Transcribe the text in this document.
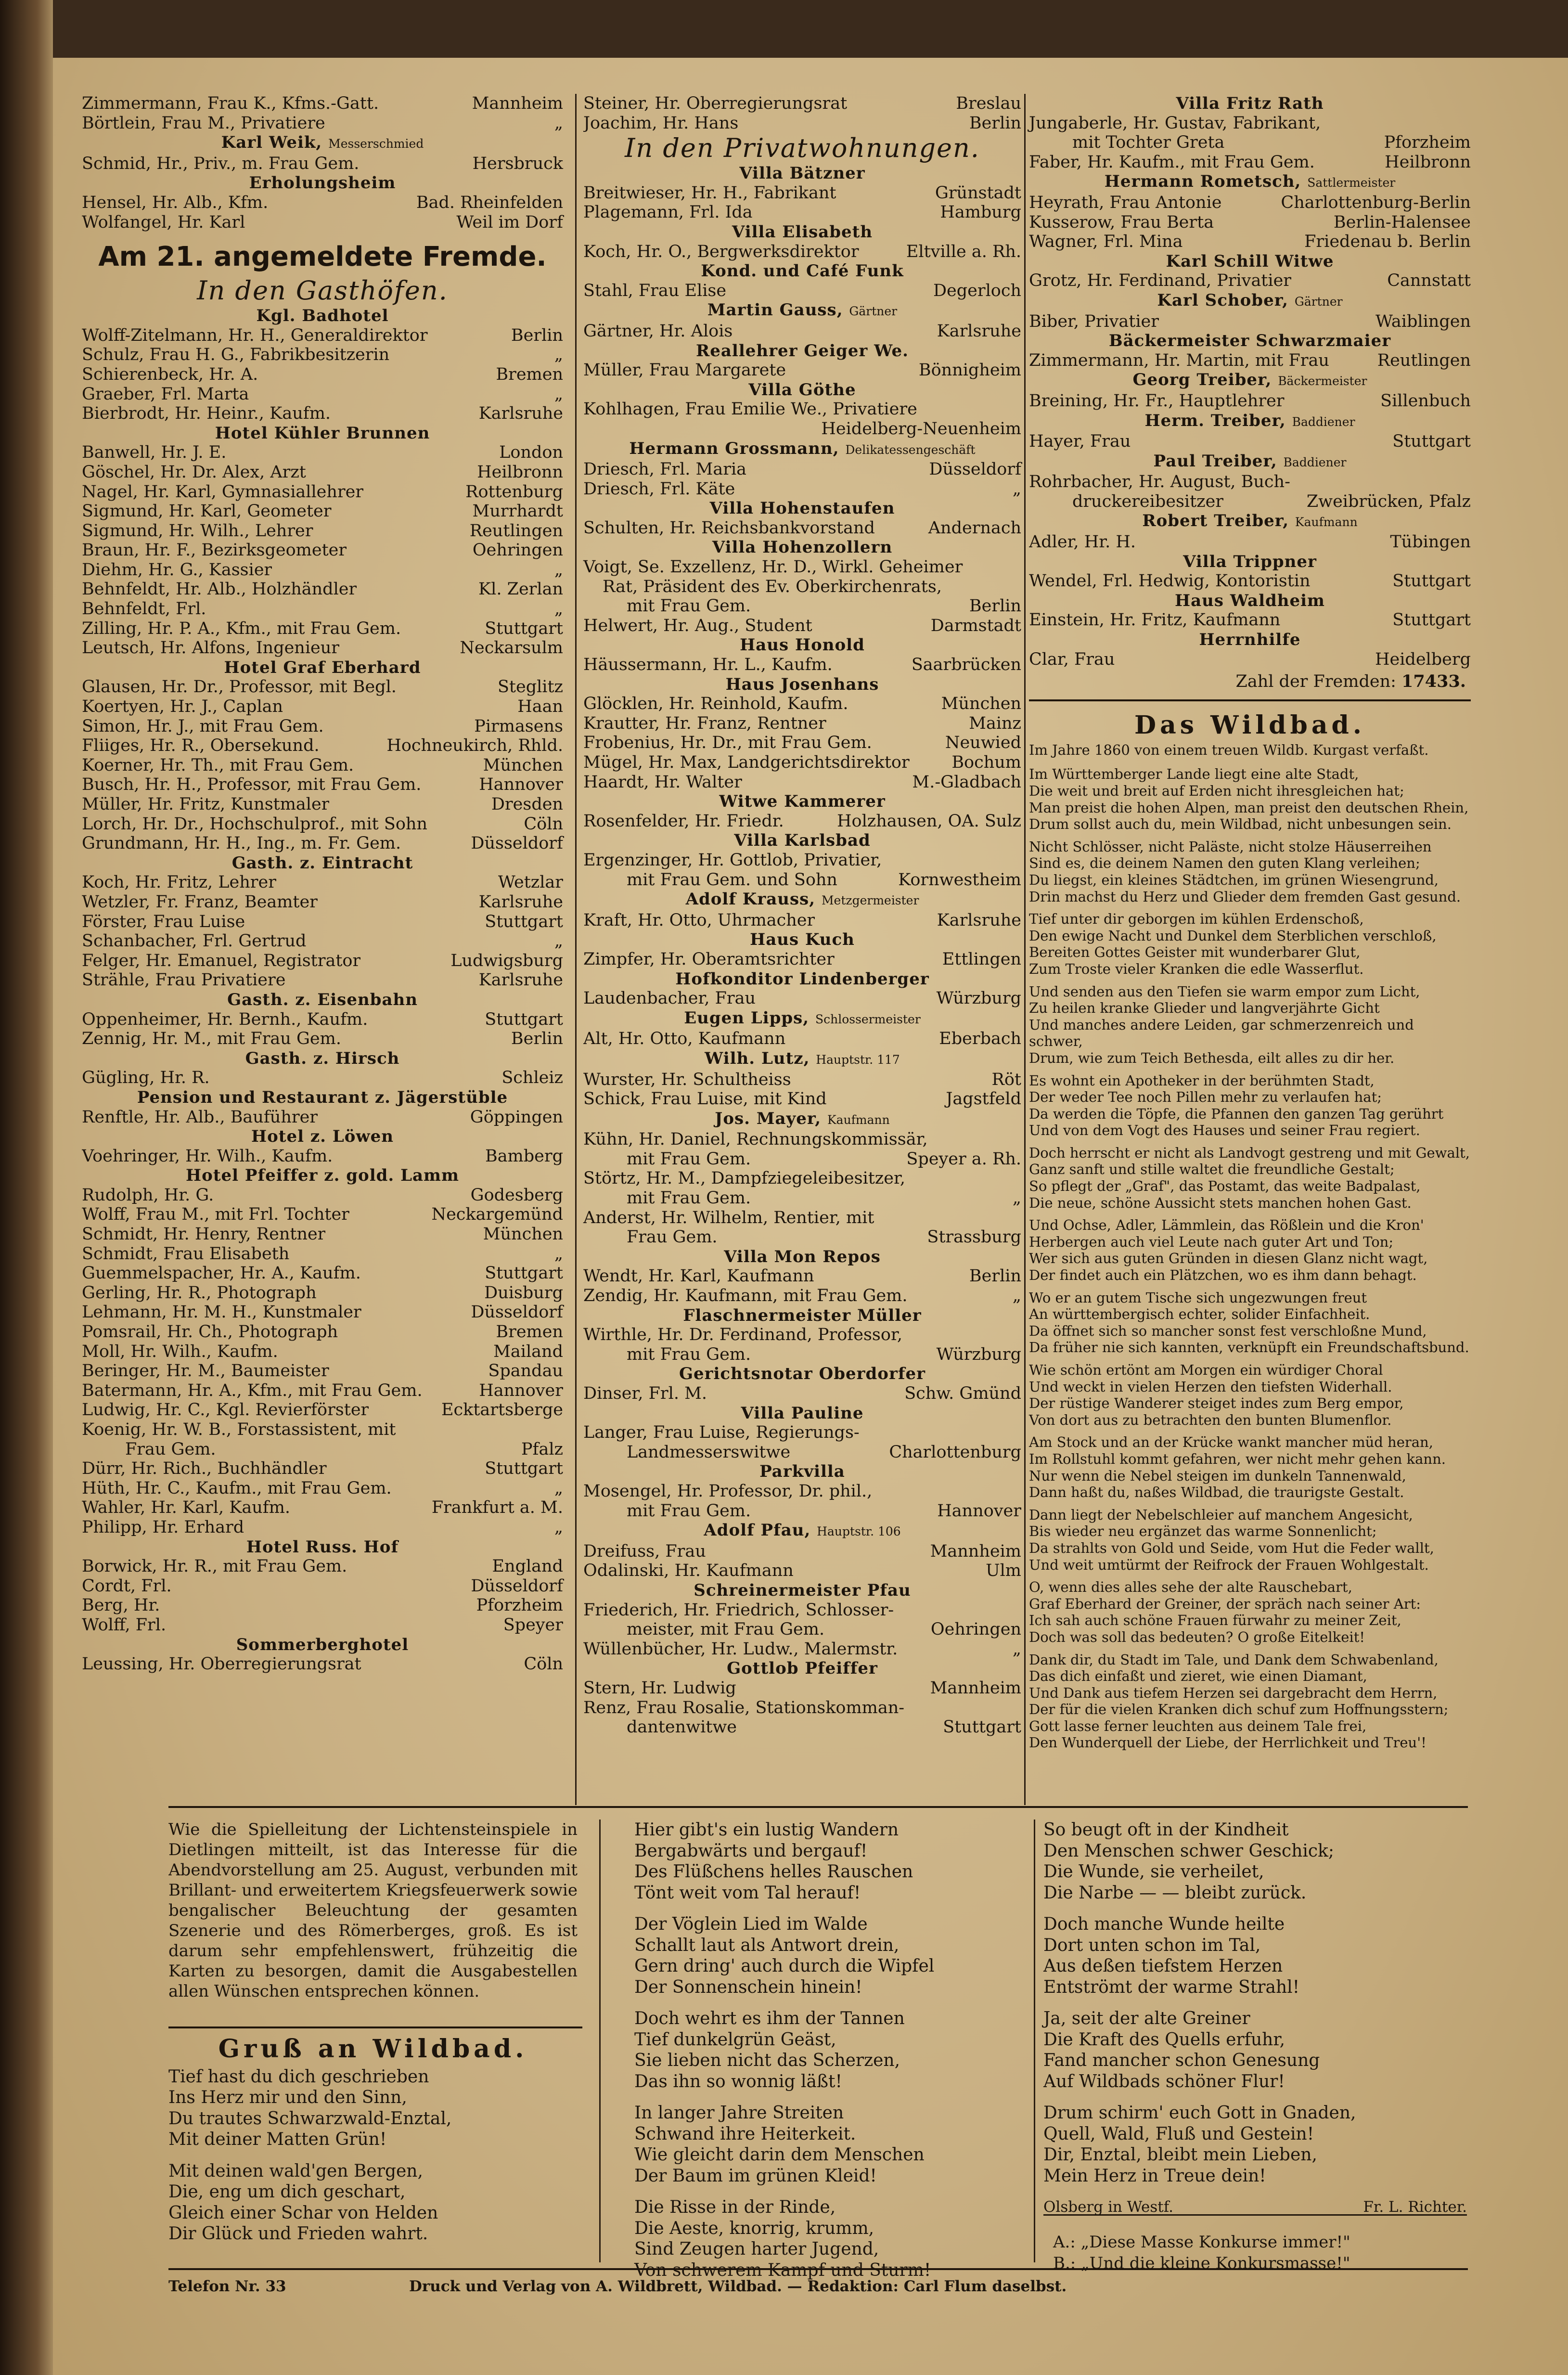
Zimmermann, Frau K., Kfms.-Gatt.	Mannheim
Börtlein, Frau M., Privatiere	„
Karl Weik, Messerschmied
Schmid, Hr., Priv., m. Frau Gem.	Hersbruck
Erholungsheim
Hensel, Hr. Alb., Kfm.	Bad. Rheinfelden
Wolfangel, Hr. Karl	Weil im Dorf
Am 21. angemeldete Fremde.
In den Gasthöfen.
Kgl. Badhotel
Wolff-Zitelmann, Hr. H., Generaldirektor	Berlin
Schulz, Frau H. G., Fabrikbesitzerin	„
Schierenbeck, Hr. A.	Bremen
Graeber, Frl. Marta	„
Bierbrodt, Hr. Heinr., Kaufm.	Karlsruhe
Hotel Kühler Brunnen
Banwell, Hr. J. E.	London
Göschel, Hr. Dr. Alex, Arzt	Heilbronn
Nagel, Hr. Karl, Gymnasiallehrer	Rottenburg
Sigmund, Hr. Karl, Geometer	Murrhardt
Sigmund, Hr. Wilh., Lehrer	Reutlingen
Braun, Hr. F., Bezirksgeometer	Oehringen
Diehm, Hr. G., Kassier	„
Behnfeldt, Hr. Alb., Holzhändler	Kl. Zerlan
Behnfeldt, Frl.	„
Zilling, Hr. P. A., Kfm., mit Frau Gem.	Stuttgart
Leutsch, Hr. Alfons, Ingenieur	Neckarsulm
Hotel Graf Eberhard
Glausen, Hr. Dr., Professor, mit Begl.	Steglitz
Koertyen, Hr. J., Caplan	Haan
Simon, Hr. J., mit Frau Gem.	Pirmasens
Fliiges, Hr. R., Obersekund.	Hochneukirch, Rhld.
Koerner, Hr. Th., mit Frau Gem.	München
Busch, Hr. H., Professor, mit Frau Gem.	Hannover
Müller, Hr. Fritz, Kunstmaler	Dresden
Lorch, Hr. Dr., Hochschulprof., mit Sohn	Cöln
Grundmann, Hr. H., Ing., m. Fr. Gem.	Düsseldorf
Gasth. z. Eintracht
Koch, Hr. Fritz, Lehrer	Wetzlar
Wetzler, Fr. Franz, Beamter	Karlsruhe
Förster, Frau Luise	Stuttgart
Schanbacher, Frl. Gertrud	„
Felger, Hr. Emanuel, Registrator	Ludwigsburg
Strähle, Frau Privatiere	Karlsruhe
Gasth. z. Eisenbahn
Oppenheimer, Hr. Bernh., Kaufm.	Stuttgart
Zennig, Hr. M., mit Frau Gem.	Berlin
Gasth. z. Hirsch
Gügling, Hr. R.	Schleiz
Pension und Restaurant z. Jägerstüble
Renftle, Hr. Alb., Bauführer	Göppingen
Hotel z. Löwen
Voehringer, Hr. Wilh., Kaufm.	Bamberg
Hotel Pfeiffer z. gold. Lamm
Rudolph, Hr. G.	Godesberg
Wolff, Frau M., mit Frl. Tochter	Neckargemünd
Schmidt, Hr. Henry, Rentner	München
Schmidt, Frau Elisabeth	„
Guemmelspacher, Hr. A., Kaufm.	Stuttgart
Gerling, Hr. R., Photograph	Duisburg
Lehmann, Hr. M. H., Kunstmaler	Düsseldorf
Pomsrail, Hr. Ch., Photograph	Bremen
Moll, Hr. Wilh., Kaufm.	Mailand
Beringer, Hr. M., Baumeister	Spandau
Batermann, Hr. A., Kfm., mit Frau Gem.	Hannover
Ludwig, Hr. C., Kgl. Revierförster	Ecktartsberge
Koenig, Hr. W. B., Forstassistent, mit
Frau Gem.	Pfalz
Dürr, Hr. Rich., Buchhändler	Stuttgart
Hüth, Hr. C., Kaufm., mit Frau Gem.	„
Wahler, Hr. Karl, Kaufm.	Frankfurt a. M.
Philipp, Hr. Erhard	„
Hotel Russ. Hof
Borwick, Hr. R., mit Frau Gem.	England
Cordt, Frl.	Düsseldorf
Berg, Hr.	Pforzheim
Wolff, Frl.	Speyer
Sommerberghotel
Leussing, Hr. Oberregierungsrat	Cöln
Steiner, Hr. Oberregierungsrat	Breslau
Joachim, Hr. Hans	Berlin
In den Privatwohnungen.
Villa Bätzner
Breitwieser, Hr. H., Fabrikant	Grünstadt
Plagemann, Frl. Ida	Hamburg
Villa Elisabeth
Koch, Hr. O., Bergwerksdirektor	Eltville a. Rh.
Kond. und Café Funk
Stahl, Frau Elise	Degerloch
Martin Gauss, Gärtner
Gärtner, Hr. Alois	Karlsruhe
Reallehrer Geiger We.
Müller, Frau Margarete	Bönnigheim
Villa Göthe
Kohlhagen, Frau Emilie We., Privatiere
Heidelberg-Neuenheim
Hermann Grossmann, Delikatessengeschäft
Driesch, Frl. Maria	Düsseldorf
Driesch, Frl. Käte	„
Villa Hohenstaufen
Schulten, Hr. Reichsbankvorstand	Andernach
Villa Hohenzollern
Voigt, Se. Exzellenz, Hr. D., Wirkl. Geheimer
Rat, Präsident des Ev. Oberkirchenrats,
mit Frau Gem.	Berlin
Helwert, Hr. Aug., Student	Darmstadt
Haus Honold
Häussermann, Hr. L., Kaufm.	Saarbrücken
Haus Josenhans
Glöcklen, Hr. Reinhold, Kaufm.	München
Krautter, Hr. Franz, Rentner	Mainz
Frobenius, Hr. Dr., mit Frau Gem.	Neuwied
Mügel, Hr. Max, Landgerichtsdirektor	Bochum
Haardt, Hr. Walter	M.-Gladbach
Witwe Kammerer
Rosenfelder, Hr. Friedr.	Holzhausen, OA. Sulz
Villa Karlsbad
Ergenzinger, Hr. Gottlob, Privatier,
mit Frau Gem. und Sohn	Kornwestheim
Adolf Krauss, Metzgermeister
Kraft, Hr. Otto, Uhrmacher	Karlsruhe
Haus Kuch
Zimpfer, Hr. Oberamtsrichter	Ettlingen
Hofkonditor Lindenberger
Laudenbacher, Frau	Würzburg
Eugen Lipps, Schlossermeister
Alt, Hr. Otto, Kaufmann	Eberbach
Wilh. Lutz, Hauptstr. 117
Wurster, Hr. Schultheiss	Röt
Schick, Frau Luise, mit Kind	Jagstfeld
Jos. Mayer, Kaufmann
Kühn, Hr. Daniel, Rechnungskommissär,
mit Frau Gem.	Speyer a. Rh.
Störtz, Hr. M., Dampfziegeleibesitzer,
mit Frau Gem.	„
Anderst, Hr. Wilhelm, Rentier, mit
Frau Gem.	Strassburg
Villa Mon Repos
Wendt, Hr. Karl, Kaufmann	Berlin
Zendig, Hr. Kaufmann, mit Frau Gem.	„
Flaschnermeister Müller
Wirthle, Hr. Dr. Ferdinand, Professor,
mit Frau Gem.	Würzburg
Gerichtsnotar Oberdorfer
Dinser, Frl. M.	Schw. Gmünd
Villa Pauline
Langer, Frau Luise, Regierungs-
Landmesserswitwe	Charlottenburg
Parkvilla
Mosengel, Hr. Professor, Dr. phil.,
mit Frau Gem.	Hannover
Adolf Pfau, Hauptstr. 106
Dreifuss, Frau	Mannheim
Odalinski, Hr. Kaufmann	Ulm
Schreinermeister Pfau
Friederich, Hr. Friedrich, Schlosser-
meister, mit Frau Gem.	Oehringen
Wüllenbücher, Hr. Ludw., Malermstr.	„
Gottlob Pfeiffer
Stern, Hr. Ludwig	Mannheim
Renz, Frau Rosalie, Stationskomman-
dantenwitwe	Stuttgart
Villa Fritz Rath
Jungaberle, Hr. Gustav, Fabrikant,
mit Tochter Greta	Pforzheim
Faber, Hr. Kaufm., mit Frau Gem.	Heilbronn
Hermann Rometsch, Sattlermeister
Heyrath, Frau Antonie	Charlottenburg-Berlin
Kusserow, Frau Berta	Berlin-Halensee
Wagner, Frl. Mina	Friedenau b. Berlin
Karl Schill Witwe
Grotz, Hr. Ferdinand, Privatier	Cannstatt
Karl Schober, Gärtner
Biber, Privatier	Waiblingen
Bäckermeister Schwarzmaier
Zimmermann, Hr. Martin, mit Frau	Reutlingen
Georg Treiber, Bäckermeister
Breining, Hr. Fr., Hauptlehrer	Sillenbuch
Herm. Treiber, Baddiener
Hayer, Frau	Stuttgart
Paul Treiber, Baddiener
Rohrbacher, Hr. August, Buch-
druckereibesitzer	Zweibrücken, Pfalz
Robert Treiber, Kaufmann
Adler, Hr. H.	Tübingen
Villa Trippner
Wendel, Frl. Hedwig, Kontoristin	Stuttgart
Haus Waldheim
Einstein, Hr. Fritz, Kaufmann	Stuttgart
Herrnhilfe
Clar, Frau	Heidelberg
Zahl der Fremden: 17433.
Das Wildbad.
Im Jahre 1860 von einem treuen Wildb. Kurgast verfaßt.
Im Württemberger Lande liegt eine alte Stadt,
Die weit und breit auf Erden nicht ihresgleichen hat;
Man preist die hohen Alpen, man preist den deutschen Rhein,
Drum sollst auch du, mein Wildbad, nicht unbesungen sein.
Nicht Schlösser, nicht Paläste, nicht stolze Häuserreihen
Sind es, die deinem Namen den guten Klang verleihen;
Du liegst, ein kleines Städtchen, im grünen Wiesengrund,
Drin machst du Herz und Glieder dem fremden Gast gesund.
Tief unter dir geborgen im kühlen Erdenschoß,
Den ewige Nacht und Dunkel dem Sterblichen verschloß,
Bereiten Gottes Geister mit wunderbarer Glut,
Zum Troste vieler Kranken die edle Wasserflut.
Und senden aus den Tiefen sie warm empor zum Licht,
Zu heilen kranke Glieder und langverjährte Gicht
Und manches andere Leiden, gar schmerzenreich und schwer,
Drum, wie zum Teich Bethesda, eilt alles zu dir her.
Es wohnt ein Apotheker in der berühmten Stadt,
Der weder Tee noch Pillen mehr zu verlaufen hat;
Da werden die Töpfe, die Pfannen den ganzen Tag gerührt
Und von dem Vogt des Hauses und seiner Frau regiert.
Doch herrscht er nicht als Landvogt gestreng und mit Gewalt,
Ganz sanft und stille waltet die freundliche Gestalt;
So pflegt der „Graf", das Postamt, das weite Badpalast,
Die neue, schöne Aussicht stets manchen hohen Gast.
Und Ochse, Adler, Lämmlein, das Rößlein und die Kron'
Herbergen auch viel Leute nach guter Art und Ton;
Wer sich aus guten Gründen in diesen Glanz nicht wagt,
Der findet auch ein Plätzchen, wo es ihm dann behagt.
Wo er an gutem Tische sich ungezwungen freut
An württembergisch echter, solider Einfachheit.
Da öffnet sich so mancher sonst fest verschloßne Mund,
Da früher nie sich kannten, verknüpft ein Freundschaftsbund.
Wie schön ertönt am Morgen ein würdiger Choral
Und weckt in vielen Herzen den tiefsten Widerhall.
Der rüstige Wanderer steiget indes zum Berg empor,
Von dort aus zu betrachten den bunten Blumenflor.
Am Stock und an der Krücke wankt mancher müd heran,
Im Rollstuhl kommt gefahren, wer nicht mehr gehen kann.
Nur wenn die Nebel steigen im dunkeln Tannenwald,
Dann haßt du, naßes Wildbad, die traurigste Gestalt.
Dann liegt der Nebelschleier auf manchem Angesicht,
Bis wieder neu ergänzet das warme Sonnenlicht;
Da strahlts von Gold und Seide, vom Hut die Feder wallt,
Und weit umtürmt der Reifrock der Frauen Wohlgestalt.
O, wenn dies alles sehe der alte Rauschebart,
Graf Eberhard der Greiner, der spräch nach seiner Art:
Ich sah auch schöne Frauen fürwahr zu meiner Zeit,
Doch was soll das bedeuten? O große Eitelkeit!
Dank dir, du Stadt im Tale, und Dank dem Schwabenland,
Das dich einfaßt und zieret, wie einen Diamant,
Und Dank aus tiefem Herzen sei dargebracht dem Herrn,
Der für die vielen Kranken dich schuf zum Hoffnungsstern;
Gott lasse ferner leuchten aus deinem Tale frei,
Den Wunderquell der Liebe, der Herrlichkeit und Treu'!
Wie die Spielleitung der Lichtensteinspiele in Dietlingen mitteilt, ist das Interesse für die Abendvorstellung am 25. August, verbunden mit Brillant- und erweitertem Kriegsfeuerwerk sowie bengalischer Beleuchtung der gesamten Szenerie und des Römerberges, groß. Es ist darum sehr empfehlenswert, frühzeitig die Karten zu besorgen, damit die Ausgabestellen allen Wünschen entsprechen können.
Gruß an Wildbad.
Tief hast du dich geschrieben
Ins Herz mir und den Sinn,
Du trautes Schwarzwald-Enztal,
Mit deiner Matten Grün!
Mit deinen wald'gen Bergen,
Die, eng um dich geschart,
Gleich einer Schar von Helden
Dir Glück und Frieden wahrt.
Hier gibt's ein lustig Wandern
Bergabwärts und bergauf!
Des Flüßchens helles Rauschen
Tönt weit vom Tal herauf!
Der Vöglein Lied im Walde
Schallt laut als Antwort drein,
Gern dring' auch durch die Wipfel
Der Sonnenschein hinein!
Doch wehrt es ihm der Tannen
Tief dunkelgrün Geäst,
Sie lieben nicht das Scherzen,
Das ihn so wonnig läßt!
In langer Jahre Streiten
Schwand ihre Heiterkeit.
Wie gleicht darin dem Menschen
Der Baum im grünen Kleid!
Die Risse in der Rinde,
Die Aeste, knorrig, krumm,
Sind Zeugen harter Jugend,
Von schwerem Kampf und Sturm!
So beugt oft in der Kindheit
Den Menschen schwer Geschick;
Die Wunde, sie verheilet,
Die Narbe — — bleibt zurück.
Doch manche Wunde heilte
Dort unten schon im Tal,
Aus deßen tiefstem Herzen
Entströmt der warme Strahl!
Ja, seit der alte Greiner
Die Kraft des Quells erfuhr,
Fand mancher schon Genesung
Auf Wildbads schöner Flur!
Drum schirm' euch Gott in Gnaden,
Quell, Wald, Fluß und Gestein!
Dir, Enztal, bleibt mein Lieben,
Mein Herz in Treue dein!
Olsberg in Westf.	Fr. L. Richter.
A.: „Diese Masse Konkurse immer!"
B.: „Und die kleine Konkursmasse!"
Telefon Nr. 33	Druck und Verlag von A. Wildbrett, Wildbad. — Redaktion: Carl Flum daselbst.
